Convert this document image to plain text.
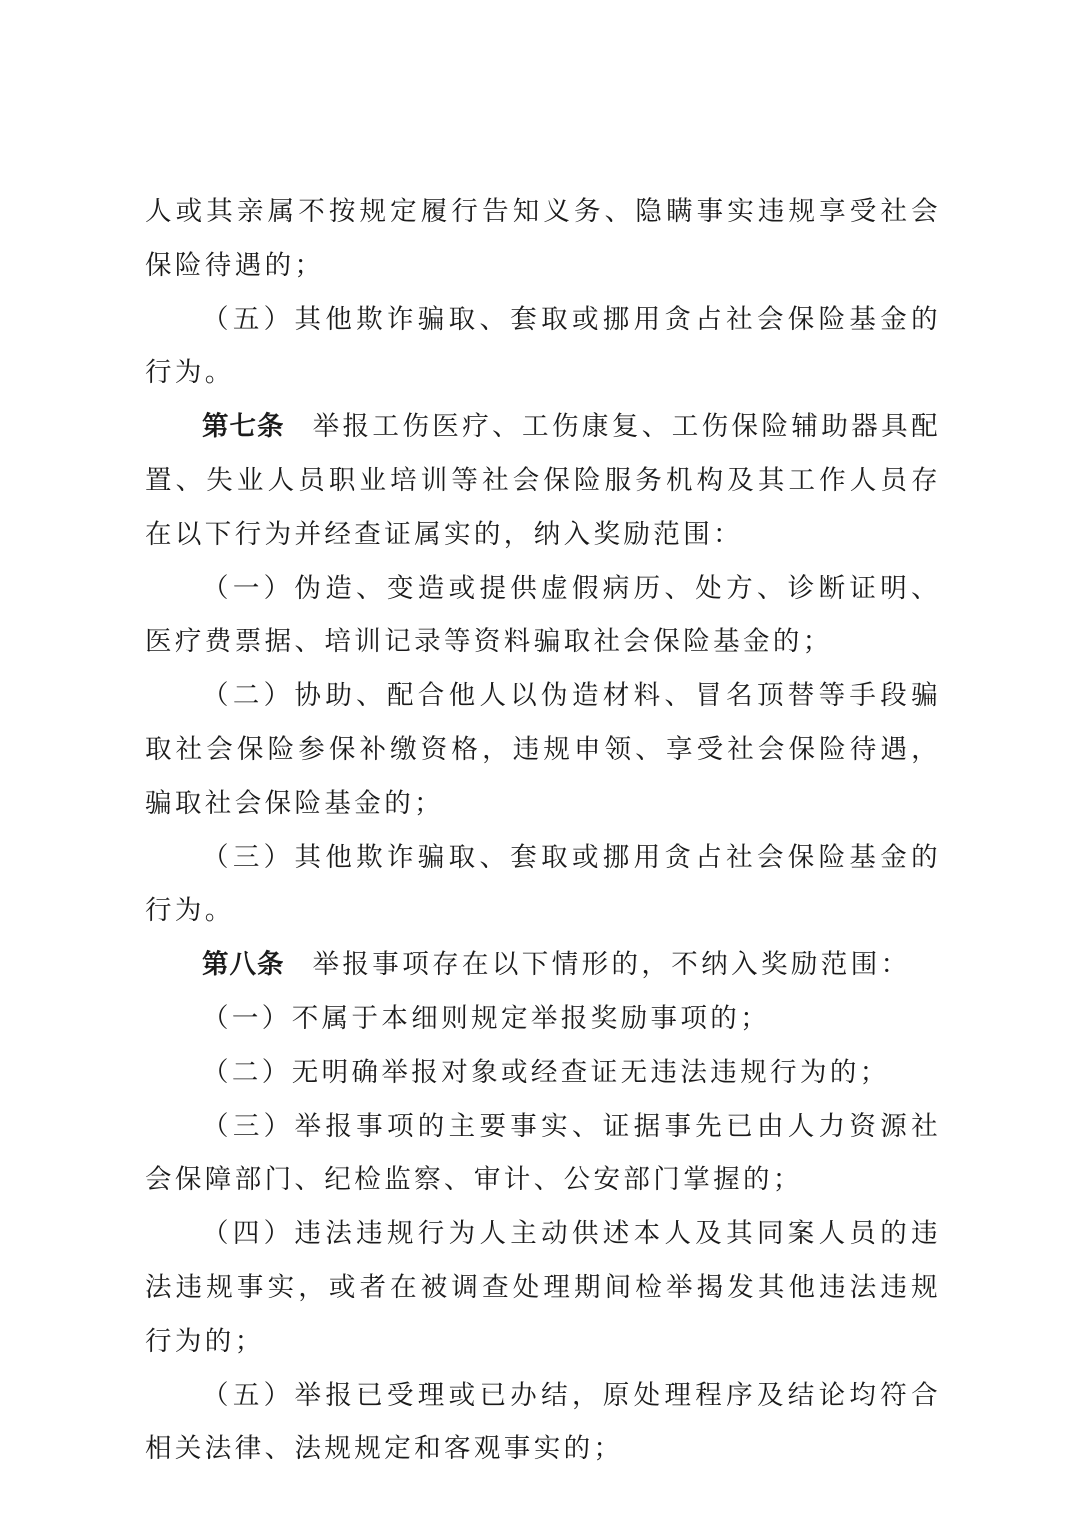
人或其亲属不按规定履行告知义务、隐瞒事实违规享受社会保险待遇的；

（五）其他欺诈骗取、套取或挪用贪占社会保险基金的行为。

第七条 举报工伤医疗、工伤康复、工伤保险辅助器具配置、失业人员职业培训等社会保险服务机构及其工作人员存在以下行为并经查证属实的，纳入奖励范围：

（一）伪造、变造或提供虚假病历、处方、诊断证明、医疗费票据、培训记录等资料骗取社会保险基金的；

（二）协助、配合他人以伪造材料、冒名顶替等手段骗取社会保险参保补缴资格，违规申领、享受社会保险待遇，骗取社会保险基金的；

（三）其他欺诈骗取、套取或挪用贪占社会保险基金的行为。

第八条 举报事项存在以下情形的，不纳入奖励范围：

（一）不属于本细则规定举报奖励事项的；

（二）无明确举报对象或经查证无违法违规行为的；

（三）举报事项的主要事实、证据事先已由人力资源社会保障部门、纪检监察、审计、公安部门掌握的；

（四）违法违规行为人主动供述本人及其同案人员的违法违规事实，或者在被调查处理期间检举揭发其他违法违规行为的；

（五）举报已受理或已办结，原处理程序及结论均符合相关法律、法规规定和客观事实的；
